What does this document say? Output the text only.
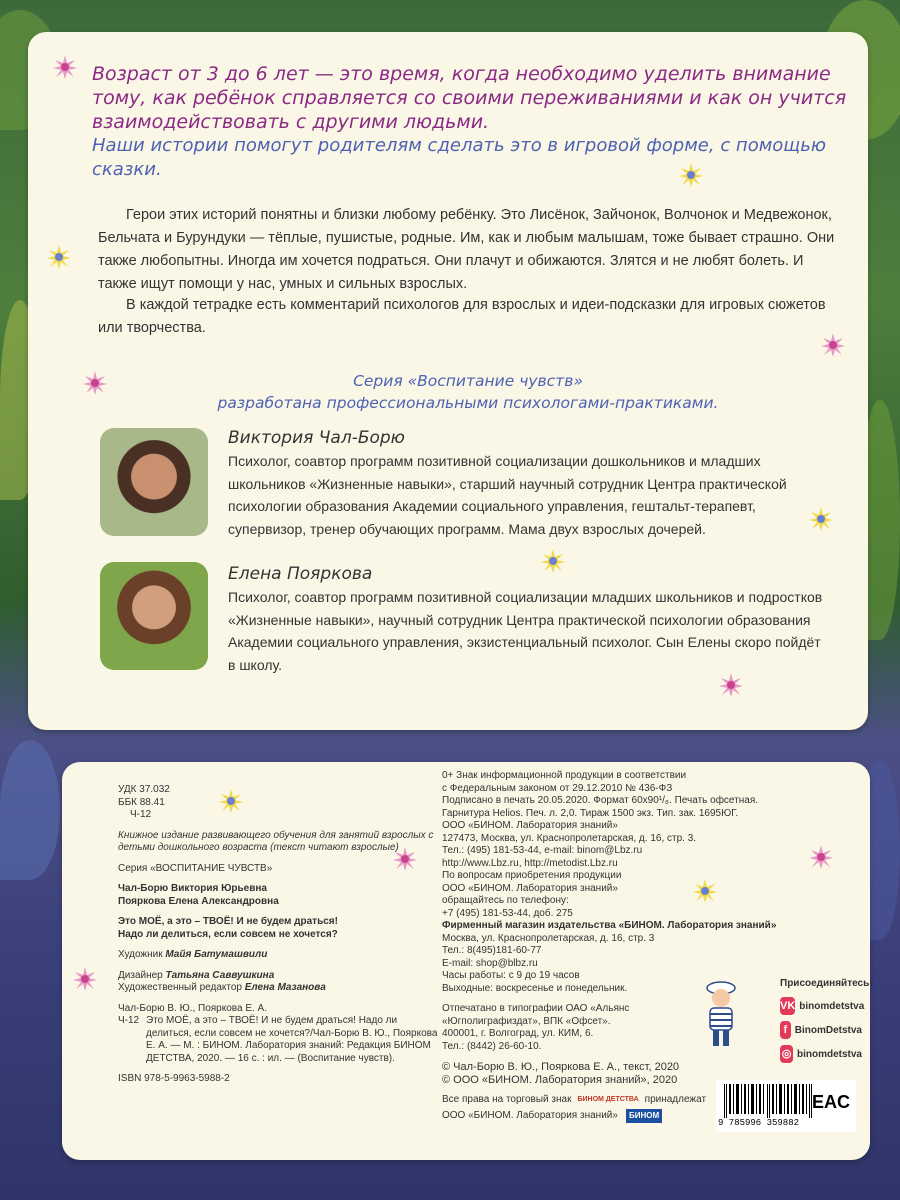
Возраст от 3 до 6 лет — это время, когда необходимо уделить внимание тому, как ребёнок справляется со своими переживаниями и как он учится взаимодействовать с другими людьми.
Наши истории помогут родителям сделать это в игровой форме, с помощью сказки.
Герои этих историй понятны и близки любому ребёнку. Это Лисёнок, Зайчонок, Волчонок и Медвежонок, Бельчата и Бурундуки — тёплые, пушистые, родные. Им, как и любым малышам, тоже бывает страшно. Они также любопытны. Иногда им хочется подраться. Они плачут и обижаются. Злятся и не любят болеть. И также ищут помощи у нас, умных и сильных взрослых.
В каждой тетрадке есть комментарий психологов для взрослых и идеи-подсказки для игровых сюжетов или творчества.
Серия «Воспитание чувств»
разработана профессиональными психологами-практиками.
Виктория Чал-Борю
Психолог, соавтор программ позитивной социализации дошкольников и младших школьников «Жизненные навыки», старший научный сотрудник Центра практической психологии образования Академии социального управления, гештальт-терапевт, супервизор, тренер обучающих программ. Мама двух взрослых дочерей.
Елена Пояркова
Психолог, соавтор программ позитивной социализации младших школьников и подростков «Жизненные навыки», научный сотрудник Центра практической психологии образования Академии социального управления, экзистенциальный психолог. Сын Елены скоро пойдёт в школу.
УДК 37.032
ББК 88.41
Ч-12
Книжное издание развивающего обучения для занятий взрослых с детьми дошкольного возраста (текст читают взрослые)
Серия «ВОСПИТАНИЕ ЧУВСТВ»
Чал-Борю Виктория Юрьевна
Пояркова Елена Александровна
Это МОЁ, а это – ТВОЁ! И не будем драться!
Надо ли делиться, если совсем не хочется?
Художник Майя Батумашвили
Дизайнер Татьяна Саввушкина
Художественный редактор Елена Мазанова
Чал-Борю В. Ю., Пояркова Е. А.
Ч-12 Это МОЁ, а это – ТВОЁ! И не будем драться! Надо ли делиться, если совсем не хочется?/Чал-Борю В. Ю., Пояркова Е. А. — М. : БИНОМ. Лаборатория знаний: Редакция БИНОМ ДЕТСТВА, 2020. — 16 с. : ил. — (Воспитание чувств).
ISBN 978-5-9963-5988-2
0+ Знак информационной продукции в соответствии
с Федеральным законом от 29.12.2010 № 436-ФЗ
Подписано в печать 20.05.2020. Формат 60х90¹/₈. Печать офсетная.
Гарнитура Helios. Печ. л. 2,0. Тираж 1500 экз. Тип. зак. 1695ЮГ.
ООО «БИНОМ. Лаборатория знаний»
127473, Москва, ул. Краснопролетарская, д. 16, стр. 3.
Тел.: (495) 181-53-44, e-mail: binom@Lbz.ru
http://www.Lbz.ru, http://metodist.Lbz.ru
По вопросам приобретения продукции
ООО «БИНОМ. Лаборатория знаний»
обращайтесь по телефону:
+7 (495) 181-53-44, доб. 275
Фирменный магазин издательства «БИНОМ. Лаборатория знаний»
Москва, ул. Краснопролетарская, д. 16, стр. 3
Тел.: 8(495)181-60-77
E-mail: shop@blbz.ru
Часы работы: с 9 до 19 часов
Выходные: воскресенье и понедельник.
Отпечатано в типографии ОАО «Альянс
«Югполиграфиздат», ВПК «Офсет».
400001, г. Волгоград, ул. КИМ, 6.
Тел.: (8442) 26-60-10.
© Чал-Борю В. Ю., Пояркова Е. А., текст, 2020
© ООО «БИНОМ. Лаборатория знаний», 2020
Все права на торговый знак БИНОМ ДЕТСТВА принадлежат
ООО «БИНОМ. Лаборатория знаний»	БИНОМ
Присоединяйтесь!
VK binomdetstva
f BinomDetstva
◎ binomdetstva
9 785996 359882
EAC
